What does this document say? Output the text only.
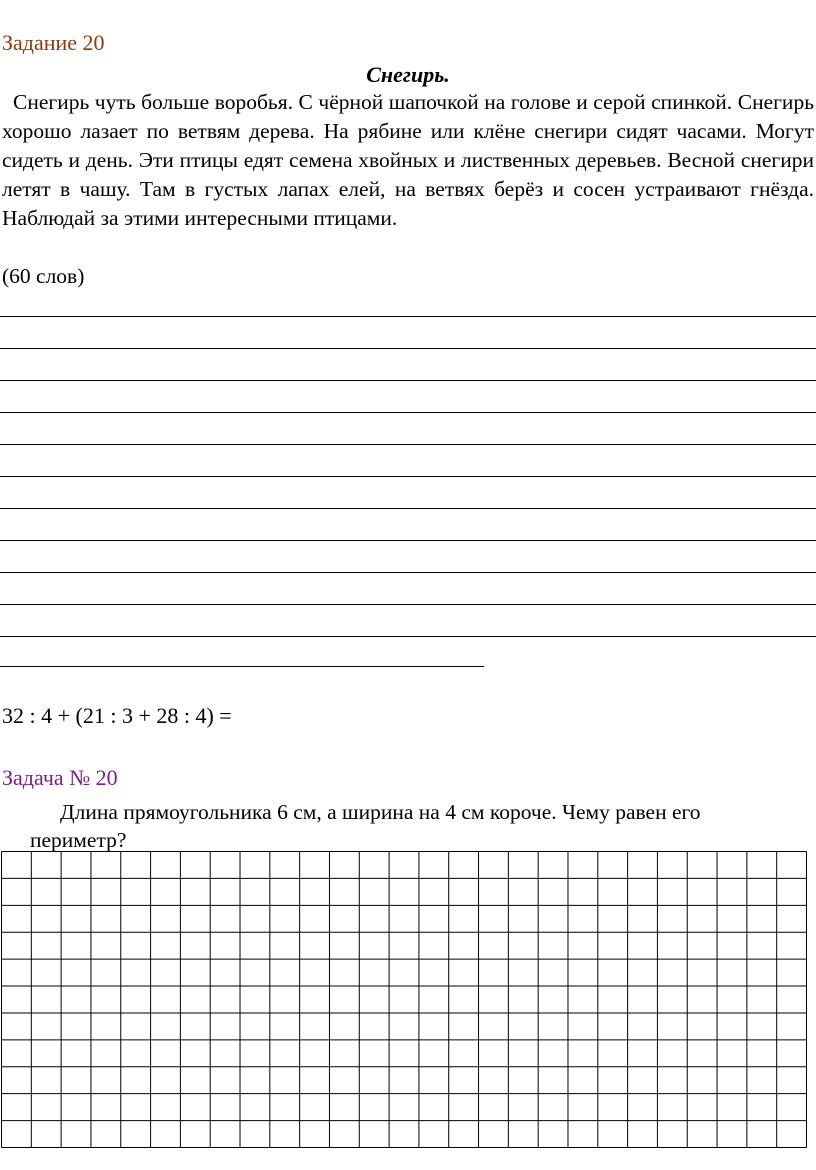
Задание 20
Снегирь.

Снегирь чуть больше воробья. С чёрной шапочкой на голове и серой спинкой. Снегирь хорошо лазает по ветвям дерева. На рябине или клёне снегири сидят часами. Могут сидеть и день. Эти птицы едят семена хвойных и лиственных деревьев. Весной снегири летят в чашу. Там в густых лапах елей, на ветвях берёз и сосен устраивают гнёзда. Наблюдай за этими интересными птицами.

(60 слов)

32 : 4 + (21 : 3 + 28 : 4) =

Задача № 20

Длина прямоугольника 6 см, а ширина на 4 см короче. Чему равен его

периметр?
